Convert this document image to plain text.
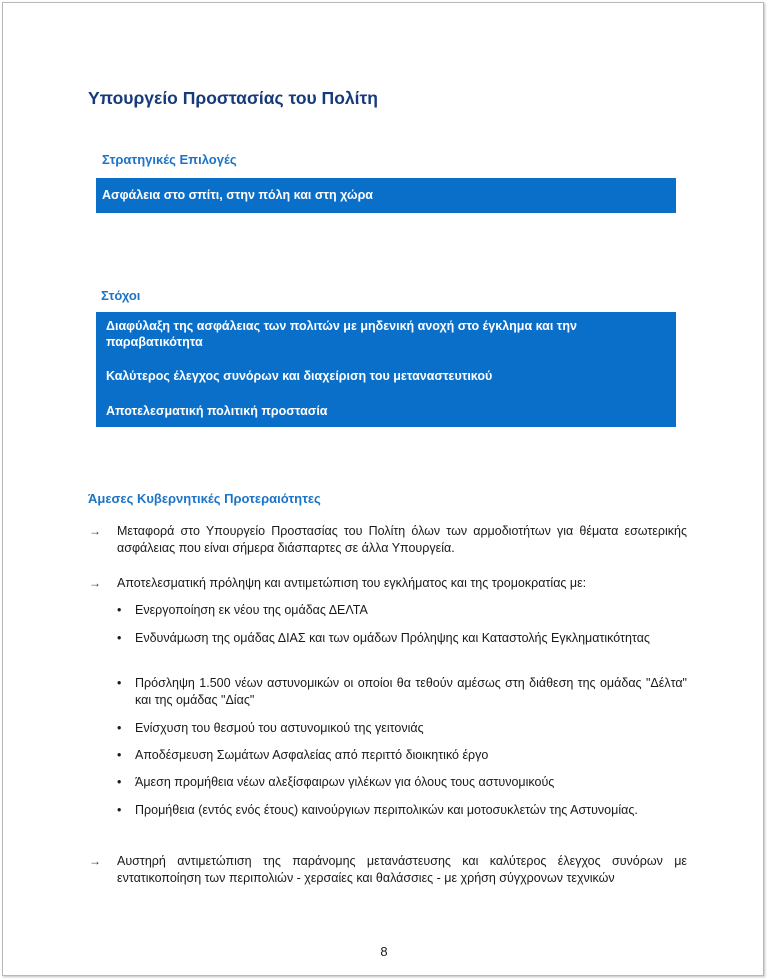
Υπουργείο Προστασίας του Πολίτη
Στρατηγικές Επιλογές
Ασφάλεια στο σπίτι, στην πόλη και στη χώρα
Στόχοι
Διαφύλαξη της ασφάλειας των πολιτών με μηδενική ανοχή στο έγκλημα και την παραβατικότητα
Καλύτερος έλεγχος συνόρων και διαχείριση του μεταναστευτικού
Αποτελεσματική πολιτική προστασία
Άμεσες Κυβερνητικές Προτεραιότητες
→ Μεταφορά στο Υπουργείο Προστασίας του Πολίτη όλων των αρμοδιοτήτων για θέματα εσωτερικής ασφάλειας που είναι σήμερα διάσπαρτες σε άλλα Υπουργεία.
→ Αποτελεσματική πρόληψη και αντιμετώπιση του εγκλήματος και της τρομοκρατίας με:
• Ενεργοποίηση εκ νέου της ομάδας ΔΕΛΤΑ
• Ενδυνάμωση της ομάδας ΔΙΑΣ και των ομάδων Πρόληψης και Καταστολής Εγκληματικότητας
• Πρόσληψη 1.500 νέων αστυνομικών οι οποίοι θα τεθούν αμέσως στη διάθεση της ομάδας "Δέλτα" και της ομάδας "Δίας"
• Ενίσχυση του θεσμού του αστυνομικού της γειτονιάς
• Αποδέσμευση Σωμάτων Ασφαλείας από περιττό διοικητικό έργο
• Άμεση προμήθεια νέων αλεξίσφαιρων γιλέκων για όλους τους αστυνομικούς
• Προμήθεια (εντός ενός έτους) καινούργιων περιπολικών και μοτοσυκλετών της Αστυνομίας.
→ Αυστηρή αντιμετώπιση της παράνομης μετανάστευσης και καλύτερος έλεγχος συνόρων με εντατικοποίηση των περιπολιών - χερσαίες και θαλάσσιες - με χρήση σύγχρονων τεχνικών
8
